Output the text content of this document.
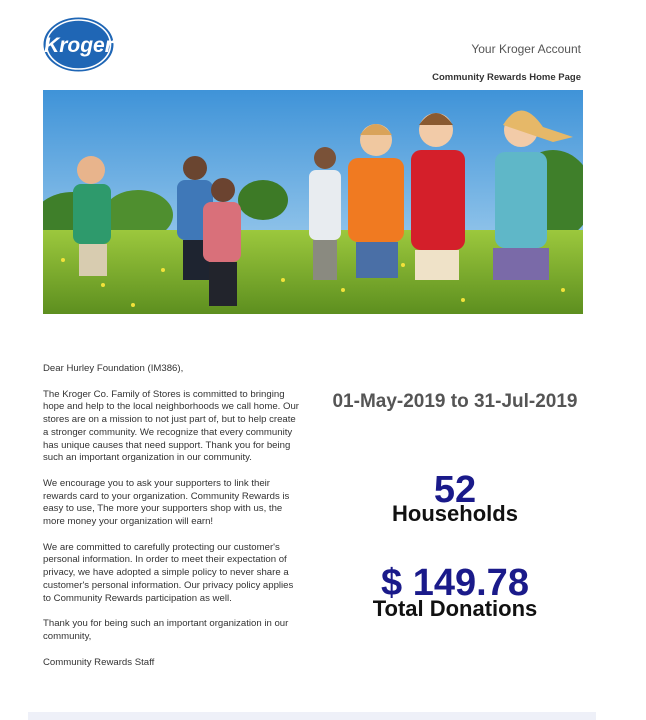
Kroger	Your Kroger Account
Community Rewards Home Page

Dear Hurley Foundation (IM386),

The Kroger Co. Family of Stores is committed to bringing hope and help to the local neighborhoods we call home. Our stores are on a mission to not just part of, but to help create a stronger community. We recognize that every community has unique causes that need support. Thank you for being such an important organization in our community.

We encourage you to ask your supporters to link their rewards card to your organization. Community Rewards is easy to use, The more your supporters shop with us, the more money your organization will earn!

We are committed to carefully protecting our customer's personal information. In order to meet their expectation of privacy, we have adopted a simple policy to never share a customer's personal information. Our privacy policy applies to Community Rewards participation as well.

Thank you for being such an important organization in our community,

Community Rewards Staff

01-May-2019 to 31-Jul-2019
52
Households
$ 149.78
Total Donations
